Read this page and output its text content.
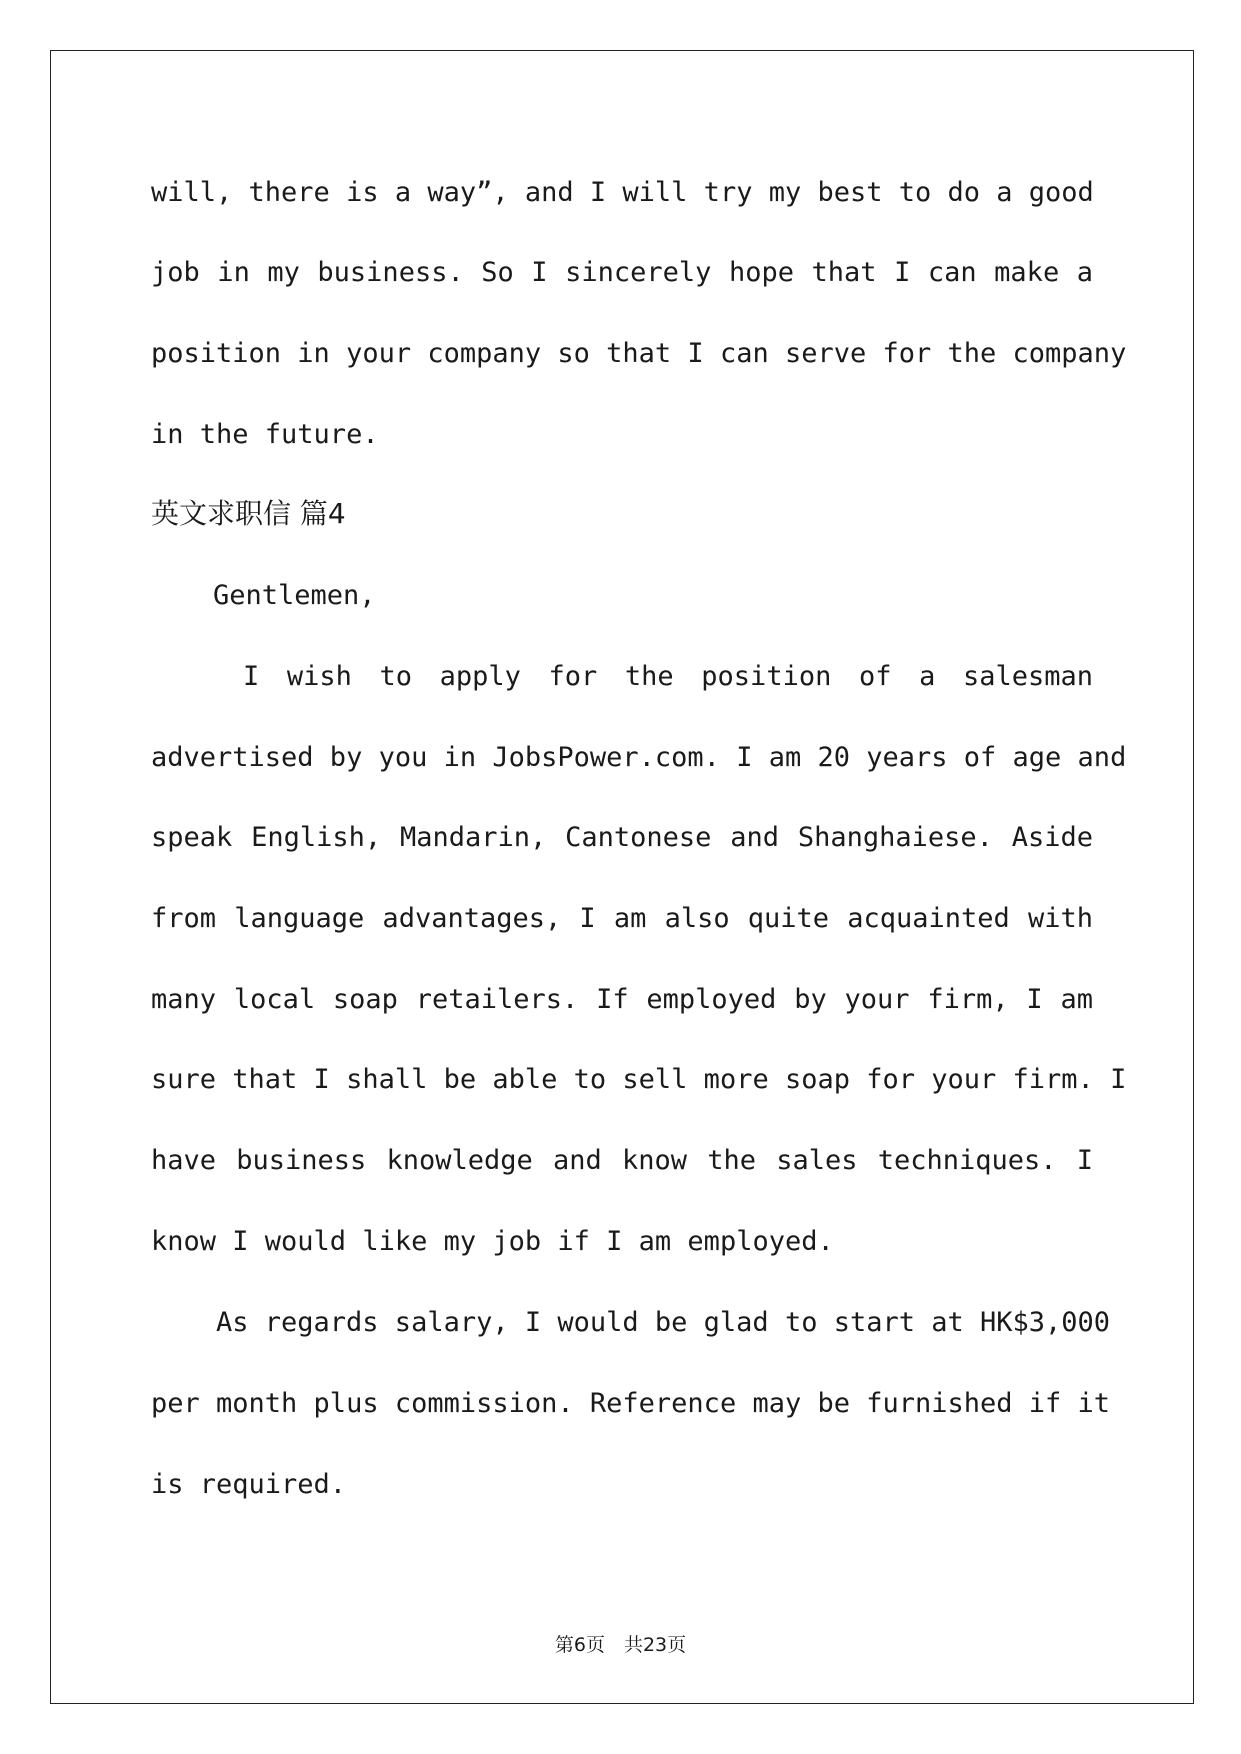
will, there is a way”, and I will try my best to do a good
job in my business. So I sincerely hope that I can make a
position in your company so that I can serve for the company
in the future.
英文求职信 篇4
Gentlemen,
I wish to apply for the position of a salesman
advertised by you in JobsPower.com. I am 20 years of age and
speak English, Mandarin, Cantonese and Shanghaiese. Aside
from language advantages, I am also quite acquainted with
many local soap retailers. If employed by your firm, I am
sure that I shall be able to sell more soap for your firm. I
have business knowledge and know the sales techniques. I
know I would like my job if I am employed.
As regards salary, I would be glad to start at HK$3,000
per month plus commission. Reference may be furnished if it
is required.
第6页　共23页
